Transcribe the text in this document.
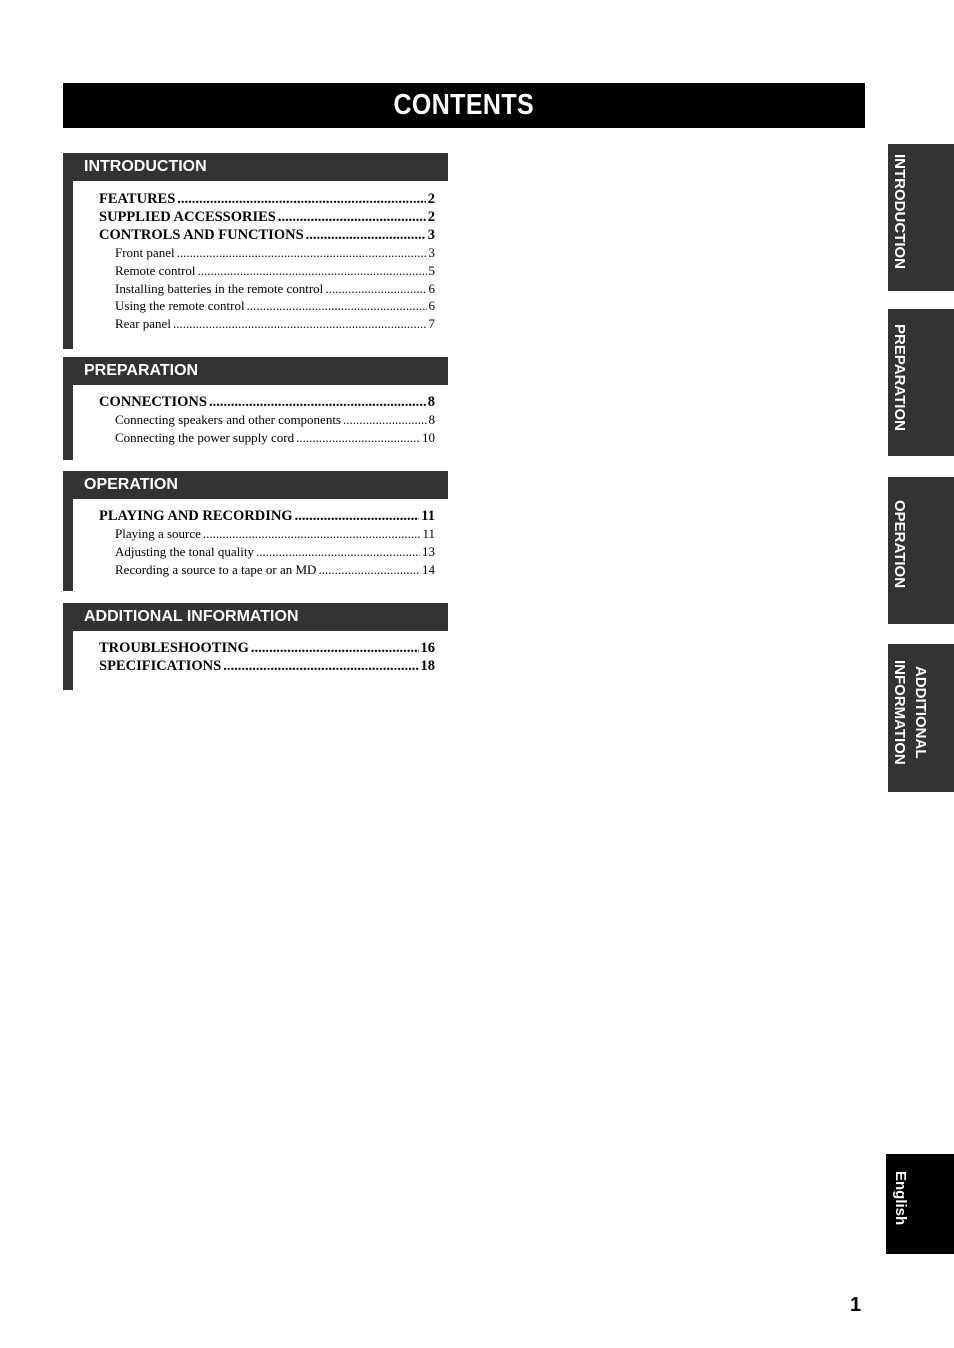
CONTENTS
INTRODUCTION
FEATURES .....	2
SUPPLIED ACCESSORIES .....	2
CONTROLS AND FUNCTIONS .....	3
Front panel .....	3
Remote control .....	5
Installing batteries in the remote control .....	6
Using the remote control .....	6
Rear panel .....	7
PREPARATION
CONNECTIONS .....	8
Connecting speakers and other components .....	8
Connecting the power supply cord .....	10
OPERATION
PLAYING AND RECORDING .....	11
Playing a source .....	11
Adjusting the tonal quality .....	13
Recording a source to a tape or an MD .....	14
ADDITIONAL INFORMATION
TROUBLESHOOTING .....	16
SPECIFICATIONS .....	18
INTRODUCTION
PREPARATION
OPERATION
ADDITIONAL
INFORMATION
English
1
